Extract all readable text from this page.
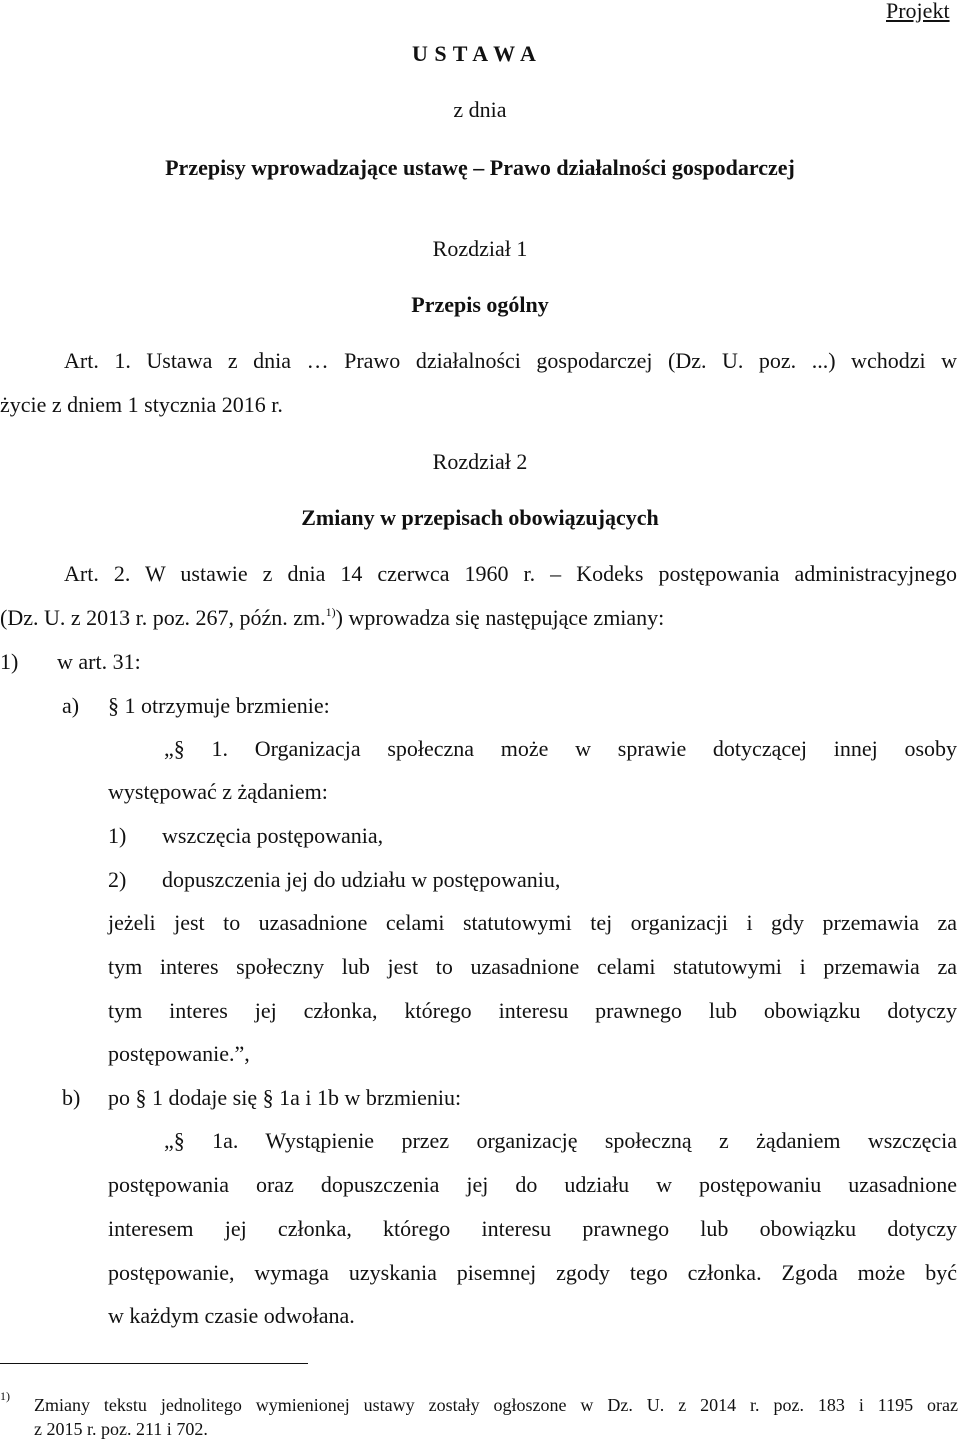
Projekt
U S T A W A
z dnia
Przepisy wprowadzające ustawę – Prawo działalności gospodarczej
Rozdział 1
Przepis ogólny
Art. 1. Ustawa z dnia … Prawo działalności gospodarczej (Dz. U. poz. ...) wchodzi w
życie z dniem 1 stycznia 2016 r.
Rozdział 2
Zmiany w przepisach obowiązujących
Art. 2. W ustawie z dnia 14 czerwca 1960 r. – Kodeks postępowania administracyjnego
(Dz. U. z 2013 r. poz. 267, późn. zm.$^{1)}$) wprowadza się następujące zmiany:
1) w art. 31:
a) § 1 otrzymuje brzmienie:
„§ 1. Organizacja społeczna może w sprawie dotyczącej innej osoby
występować z żądaniem:
1) wszczęcia postępowania,
2) dopuszczenia jej do udziału w postępowaniu,
jeżeli jest to uzasadnione celami statutowymi tej organizacji i gdy przemawia za
tym interes społeczny lub jest to uzasadnione celami statutowymi i przemawia za
tym interes jej członka, którego interesu prawnego lub obowiązku dotyczy
postępowanie.”,
b) po § 1 dodaje się § 1a i 1b w brzmieniu:
„§ 1a. Wystąpienie przez organizację społeczną z żądaniem wszczęcia
postępowania oraz dopuszczenia jej do udziału w postępowaniu uzasadnione
interesem jej członka, którego interesu prawnego lub obowiązku dotyczy
postępowanie, wymaga uzyskania pisemnej zgody tego członka. Zgoda może być
w każdym czasie odwołana.
1) Zmiany tekstu jednolitego wymienionej ustawy zostały ogłoszone w Dz. U. z 2014 r. poz. 183 i 1195 oraz
z 2015 r. poz. 211 i 702.
